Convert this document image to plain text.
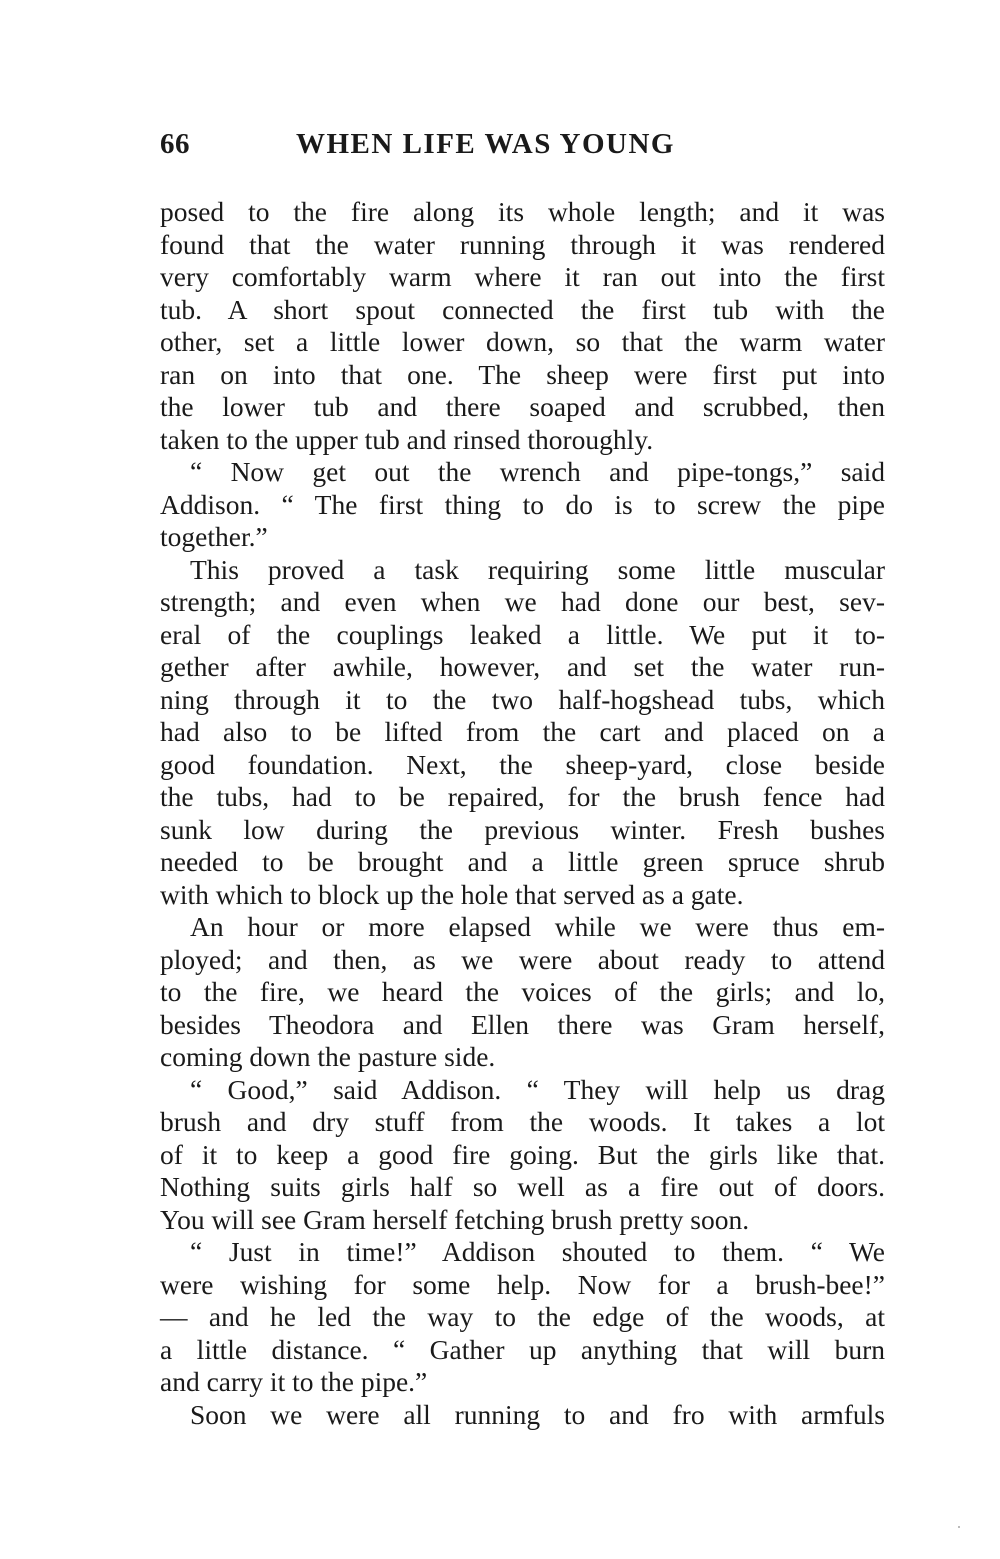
66	WHEN LIFE WAS YOUNG
posed to the fire along its whole length; and it was
found that the water running through it was rendered
very comfortably warm where it ran out into the first
tub. A short spout connected the first tub with the
other, set a little lower down, so that the warm water
ran on into that one. The sheep were first put into
the lower tub and there soaped and scrubbed, then
taken to the upper tub and rinsed thoroughly.
“ Now get out the wrench and pipe-tongs,” said
Addison. “ The first thing to do is to screw the pipe
together.”
This proved a task requiring some little muscular
strength; and even when we had done our best, sev-
eral of the couplings leaked a little. We put it to-
gether after awhile, however, and set the water run-
ning through it to the two half-hogshead tubs, which
had also to be lifted from the cart and placed on a
good foundation. Next, the sheep-yard, close beside
the tubs, had to be repaired, for the brush fence had
sunk low during the previous winter. Fresh bushes
needed to be brought and a little green spruce shrub
with which to block up the hole that served as a gate.
An hour or more elapsed while we were thus em-
ployed; and then, as we were about ready to attend
to the fire, we heard the voices of the girls; and lo,
besides Theodora and Ellen there was Gram herself,
coming down the pasture side.
“ Good,” said Addison. “ They will help us drag
brush and dry stuff from the woods. It takes a lot
of it to keep a good fire going. But the girls like that.
Nothing suits girls half so well as a fire out of doors.
You will see Gram herself fetching brush pretty soon.
“ Just in time!” Addison shouted to them. “ We
were wishing for some help. Now for a brush-bee!”
— and he led the way to the edge of the woods, at
a little distance. “ Gather up anything that will burn
and carry it to the pipe.”
Soon we were all running to and fro with armfuls
